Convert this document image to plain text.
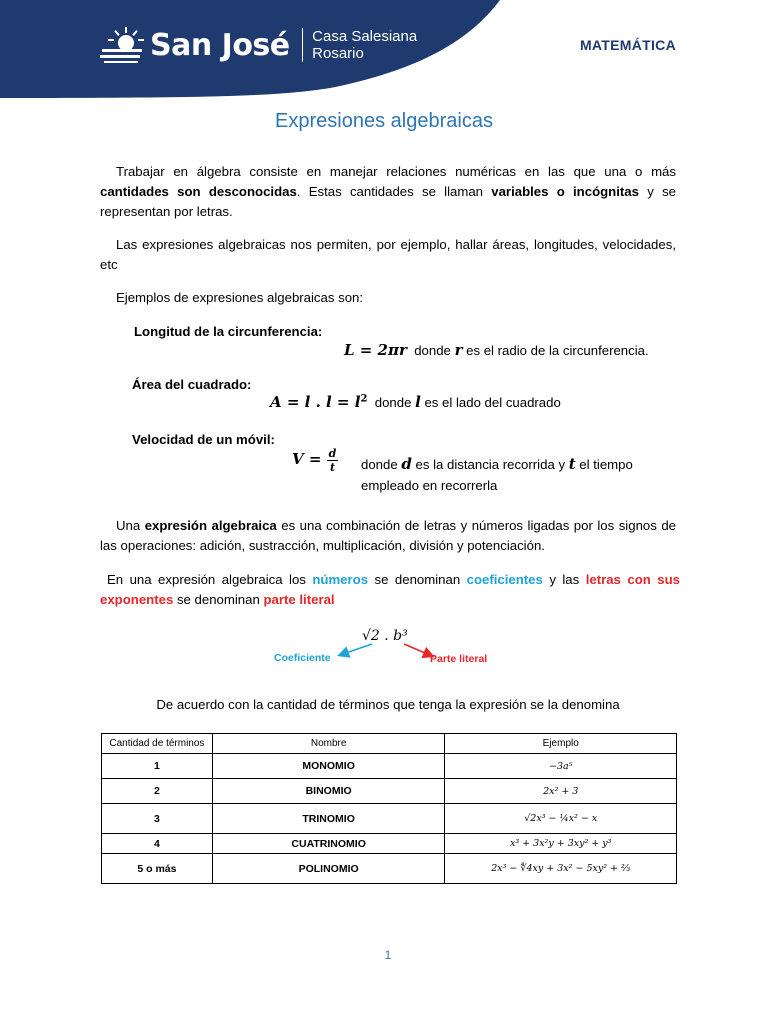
San José Casa Salesiana
Rosario	MATEMÁTICA
Expresiones algebraicas
Trabajar en álgebra consiste en manejar relaciones numéricas en las que una o más cantidades son desconocidas. Estas cantidades se llaman variables o incógnitas y se representan por letras.
Las expresiones algebraicas nos permiten, por ejemplo, hallar áreas, longitudes, velocidades, etc
Ejemplos de expresiones algebraicas son:
Longitud de la circunferencia:
L = 2πr donde r es el radio de la circunferencia.
Área del cuadrado:
A = l . $l = l^2$ donde l es el lado del cuadrado
Velocidad de un móvil:
$V = \frac{d}{t}$ donde d es la distancia recorrida y t el tiempo
empleado en recorrerla
Una expresión algebraica es una combinación de letras y números ligadas por los signos de las operaciones: adición, sustracción, multiplicación, división y potenciación.
En una expresión algebraica los números se denominan coeficientes y las letras con sus exponentes se denominan parte literal
√2 . b³
Coeficiente	Parte literal
De acuerdo con la cantidad de términos que tenga la expresión se la denomina
Cantidad de términos	Nombre	Ejemplo
1	MONOMIO	−3a⁵
2	BINOMIO	2x² + 3
3	TRINOMIO	√2x³ − ¼x² − x
4	CUATRINOMIO	x³ + 3x²y + 3xy² + y³
5 o más	POLINOMIO	2x³ − ∜4xy + 3x² − 5xy² + ⅔
1
